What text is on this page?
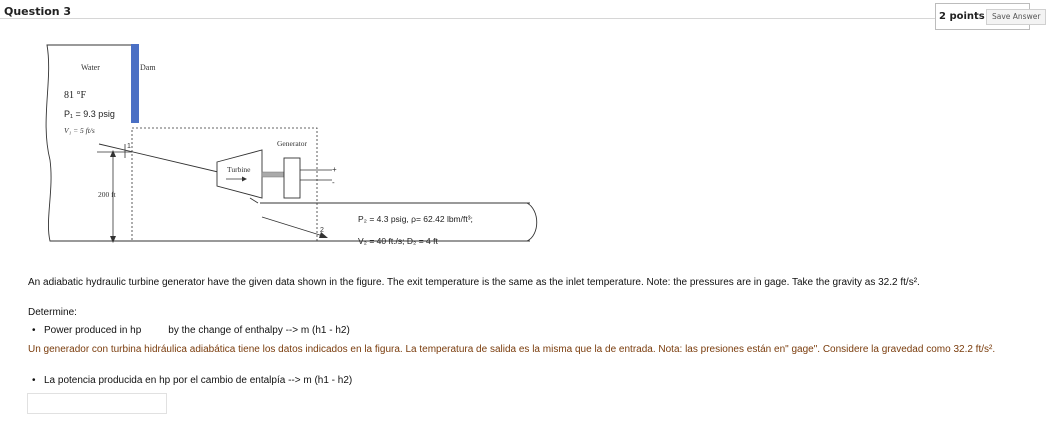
Question 3	2 points Save Answer
Water	Dam
81 °F
P₁ = 9.3 psig
V₁ = 5 ft/s
Turbine
Generator
+
-
200 ft
1
2
P₂ = 4.3 psig, ρ= 62.42 lbm/ft³;
V₂ = 40 ft./s; D₂ = 4 ft
An adiabatic hydraulic turbine generator have the given data shown in the figure. The exit temperature is the same as the inlet temperature. Note: the pressures are in gage. Take the gravity as 32.2 ft/s².
Determine:
• Power produced in hp	by the change of enthalpy --> m (h1 - h2)
Un generador con turbina hidráulica adiabática tiene los datos indicados en la figura. La temperatura de salida es la misma que la de entrada. Nota: las presiones están en" gage". Considere la gravedad como 32.2 ft/s².
• La potencia producida en hp por el cambio de entalpía --> m (h1 - h2)
